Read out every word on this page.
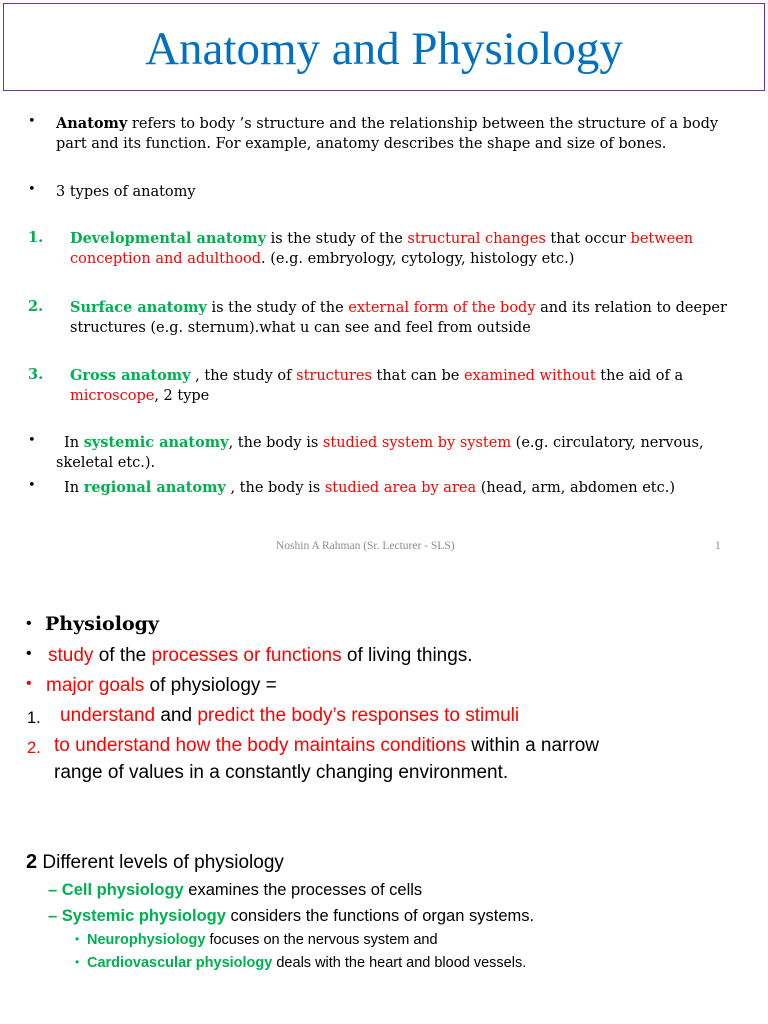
Anatomy and Physiology
• Anatomy refers to body ’s structure and the relationship between the structure of a body
part and its function. For example, anatomy describes the shape and size of bones.
• 3 types of anatomy
1. Developmental anatomy is the study of the structural changes that occur between
conception and adulthood. (e.g. embryology, cytology, histology etc.)
2. Surface anatomy is the study of the external form of the body and its relation to deeper
structures (e.g. sternum).what u can see and feel from outside
3. Gross anatomy , the study of structures that can be examined without the aid of a
microscope, 2 type
•	In systemic anatomy, the body is studied system by system (e.g. circulatory, nervous,
skeletal etc.).
•	In regional anatomy , the body is studied area by area (head, arm, abdomen etc.)
Noshin A Rahman (Sr. Lecturer - SLS)	1
• Physiology
• study of the processes or functions of living things.
• major goals of physiology =
1. understand and predict the body’s responses to stimuli
2. to understand how the body maintains conditions within a narrow
range of values in a constantly changing environment.
2 Different levels of physiology
– Cell physiology examines the processes of cells
– Systemic physiology considers the functions of organ systems.
• Neurophysiology focuses on the nervous system and
• Cardiovascular physiology deals with the heart and blood vessels.
